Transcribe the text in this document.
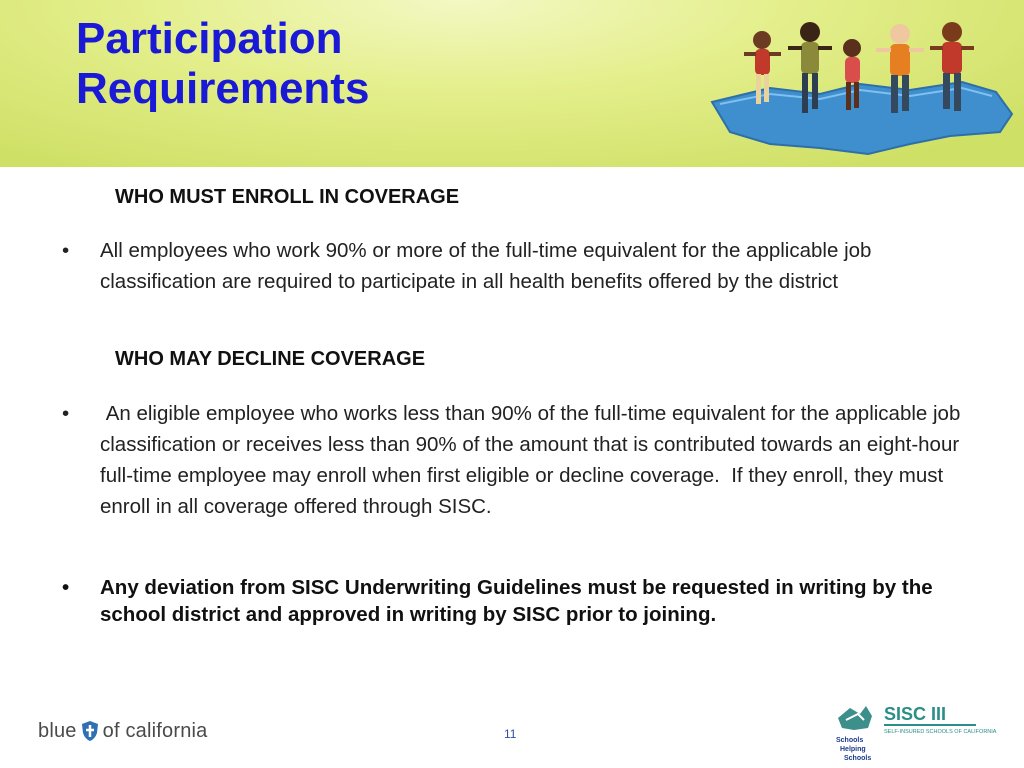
Participation
Requirements
WHO MUST ENROLL IN COVERAGE
• All employees who work 90% or more of the full-time equivalent for the applicable job classification are required to participate in all health benefits offered by the district
WHO MAY DECLINE COVERAGE
• An eligible employee who works less than 90% of the full-time equivalent for the applicable job classification or receives less than 90% of the amount that is contributed towards an eight-hour full-time employee may enroll when first eligible or decline coverage.  If they enroll, they must enroll in all coverage offered through SISC.
• Any deviation from SISC Underwriting Guidelines must be requested in writing by the school district and approved in writing by SISC prior to joining.
blue of california	11
SISC III
SELF-INSURED SCHOOLS OF CALIFORNIA
Schools
Helping
Schools
